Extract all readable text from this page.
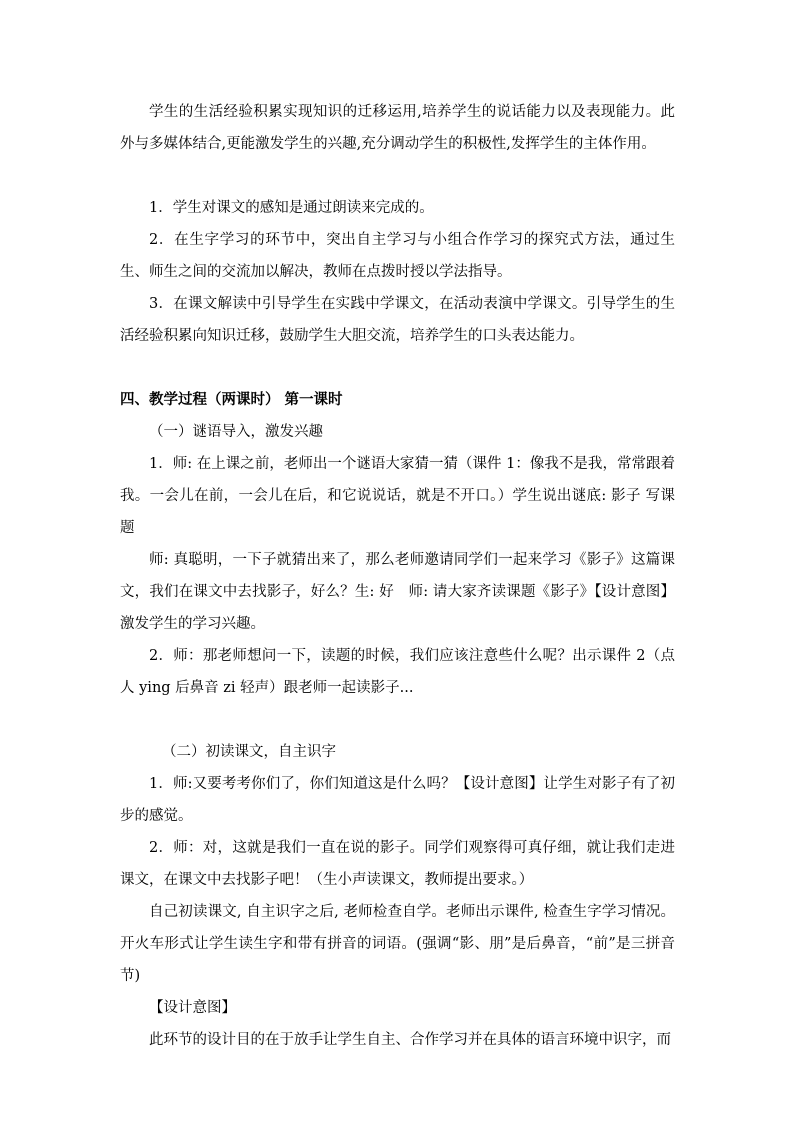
学生的生活经验积累实现知识的迁移运用,培养学生的说话能力以及表现能力。此外与多媒体结合,更能激发学生的兴趣,充分调动学生的积极性,发挥学生的主体作用。

1．学生对课文的感知是通过朗读来完成的。

2．在生字学习的环节中，突出自主学习与小组合作学习的探究式方法，通过生生、师生之间的交流加以解决，教师在点拨时授以学法指导。

3．在课文解读中引导学生在实践中学课文，在活动表演中学课文。引导学生的生活经验积累向知识迁移，鼓励学生大胆交流，培养学生的口头表达能力。

四、教学过程（两课时） 第一课时

（一）谜语导入，激发兴趣

1．师: 在上课之前，老师出一个谜语大家猜一猜（课件 1：像我不是我，常常跟着我。一会儿在前，一会儿在后，和它说说话，就是不开口。）学生说出谜底: 影子 写课题

师: 真聪明，一下子就猜出来了，那么老师邀请同学们一起来学习《影子》这篇课文，我们在课文中去找影子，好么？生: 好　师: 请大家齐读课题《影子》【设计意图】激发学生的学习兴趣。

2．师：那老师想问一下，读题的时候，我们应该注意些什么呢？出示课件 2（点人 ying 后鼻音 zi 轻声）跟老师一起读影子...

（二）初读课文，自主识字

1．师:又要考考你们了，你们知道这是什么吗？【设计意图】让学生对影子有了初步的感觉。

2．师：对，这就是我们一直在说的影子。同学们观察得可真仔细，就让我们走进课文，在课文中去找影子吧！（生小声读课文，教师提出要求。）

自己初读课文, 自主识字之后, 老师检查自学。老师出示课件, 检查生字学习情况。开火车形式让学生读生字和带有拼音的词语。(强调“影、朋”是后鼻音，“前”是三拼音节)

【设计意图】

此环节的设计目的在于放手让学生自主、合作学习并在具体的语言环境中识字，而
